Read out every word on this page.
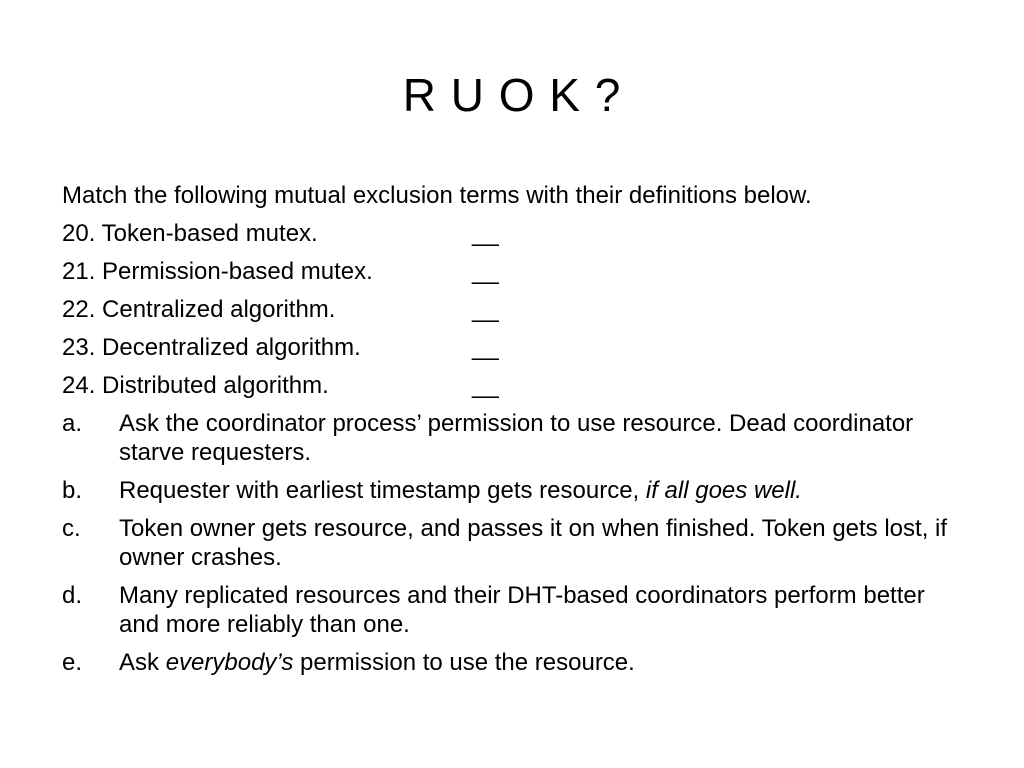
R U O K ?

Match the following mutual exclusion terms with their definitions below.

20. Token-based mutex.	__
21. Permission-based mutex.	__
22. Centralized algorithm.	__
23. Decentralized algorithm.	__
24. Distributed algorithm.	__
a. Ask the coordinator process’ permission to use resource. Dead coordinator starve requesters.
b. Requester with earliest timestamp gets resource, if all goes well.
c. Token owner gets resource, and passes it on when finished. Token gets lost, if owner crashes.
d. Many replicated resources and their DHT-based coordinators perform better and more reliably than one.
e. Ask everybody’s permission to use the resource.
